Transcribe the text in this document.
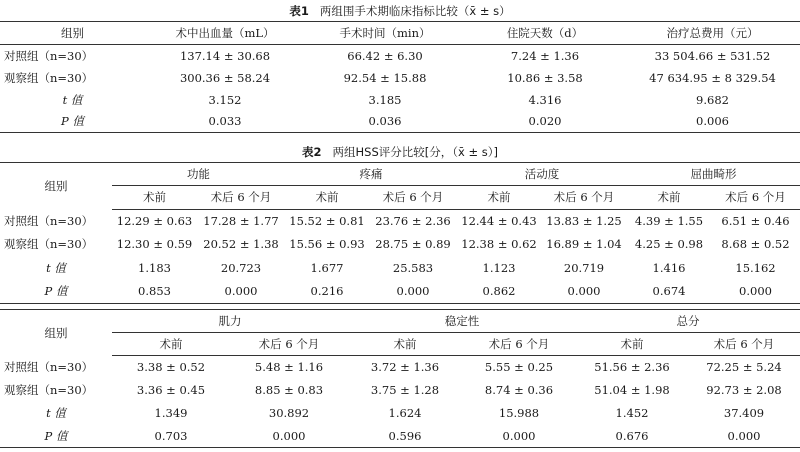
表1 两组围手术期临床指标比较（x̄ ± s）
组别	术中出血量（mL）	手术时间（min）	住院天数（d）	治疗总费用（元）
对照组（n=30）	137.14 ± 30.68	66.42 ± 6.30	7.24 ± 1.36	33 504.66 ± 531.52
观察组（n=30）	300.36 ± 58.24	92.54 ± 15.88	10.86 ± 3.58	47 634.95 ± 8 329.54
t 值	3.152	3.185	4.316	9.682
P 值	0.033	0.036	0.020	0.006
表2 两组HSS评分比较[分，（x̄ ± s）]
组别	功能		疼痛		活动度		屈曲畸形	
	术前	术后 6 个月	术前	术后 6 个月	术前	术后 6 个月	术前	术后 6 个月
对照组（n=30）	12.29 ± 0.63	17.28 ± 1.77	15.52 ± 0.81	23.76 ± 2.36	12.44 ± 0.43	13.83 ± 1.25	4.39 ± 1.55	6.51 ± 0.46
观察组（n=30）	12.30 ± 0.59	20.52 ± 1.38	15.56 ± 0.93	28.75 ± 0.89	12.38 ± 0.62	16.89 ± 1.04	4.25 ± 0.98	8.68 ± 0.52
t 值	1.183	20.723	1.677	25.583	1.123	20.719	1.416	15.162
P 值	0.853	0.000	0.216	0.000	0.862	0.000	0.674	0.000
组别	肌力		稳定性		总分	
	术前	术后 6 个月	术前	术后 6 个月	术前	术后 6 个月
对照组（n=30）	3.38 ± 0.52	5.48 ± 1.16	3.72 ± 1.36	5.55 ± 0.25	51.56 ± 2.36	72.25 ± 5.24
观察组（n=30）	3.36 ± 0.45	8.85 ± 0.83	3.75 ± 1.28	8.74 ± 0.36	51.04 ± 1.98	92.73 ± 2.08
t 值	1.349	30.892	1.624	15.988	1.452	37.409
P 值	0.703	0.000	0.596	0.000	0.676	0.000
